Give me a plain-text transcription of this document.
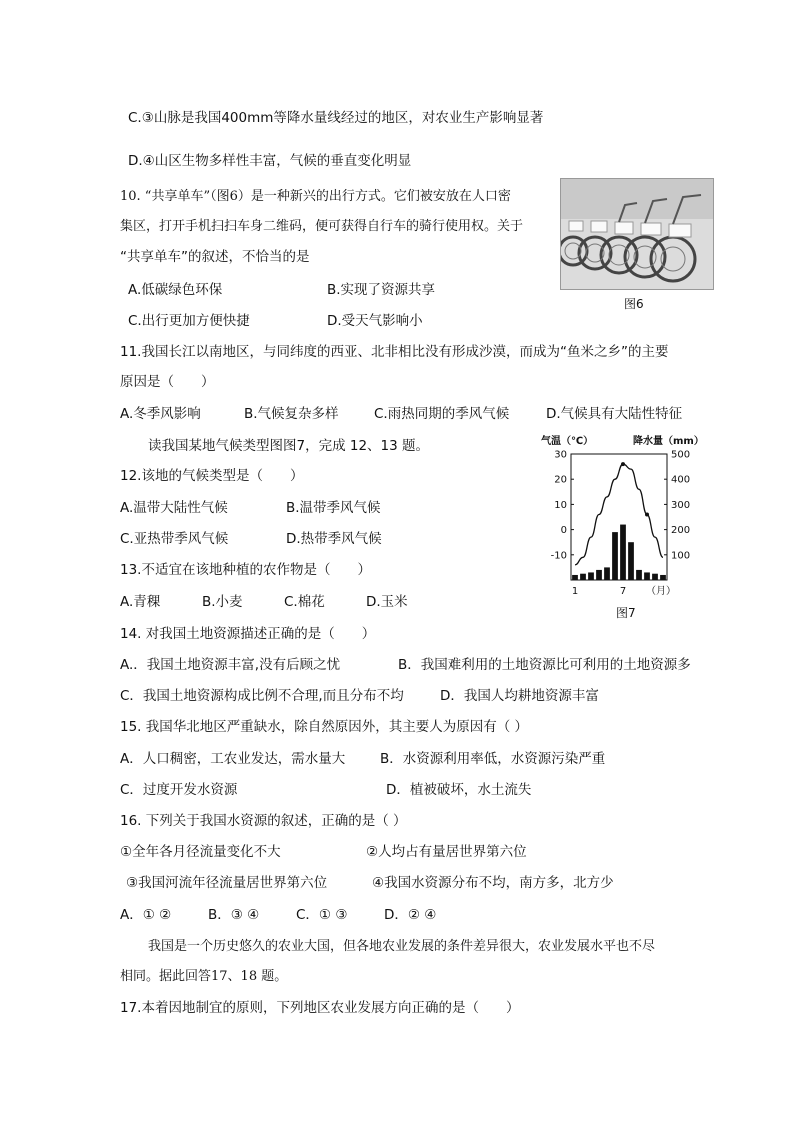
C.③山脉是我国400mm等降水量线经过的地区，对农业生产影响显著
D.④山区生物多样性丰富，气候的垂直变化明显
10. “共享单车”（图6）是一种新兴的出行方式。它们被安放在人口密
集区，打开手机扫扫车身二维码，便可获得自行车的骑行使用权。关于
“共享单车”的叙述，不恰当的是
A.低碳绿色环保	B.实现了资源共享
C.出行更加方便快捷	D.受天气影响小
图6
11.我国长江以南地区，与同纬度的西亚、北非相比没有形成沙漠，而成为“鱼米之乡”的主要
原因是（　　）
A.冬季风影响	B.气候复杂多样	C.雨热同期的季风气候	D.气候具有大陆性特征
读我国某地气候类型图图7，完成 12、13 题。
12.该地的气候类型是（　　）
A.温带大陆性气候	B.温带季风气候
C.亚热带季风气候	D.热带季风气候
13.不适宜在该地种植的农作物是（　　）
A.青稞	B.小麦	C.棉花	D.玉米
气温（℃）	降水量（mm）
30
20
10
0
-10
500
400
300
200
100
1	7 （月）
图7
14. 对我国土地资源描述正确的是（　　）
A.．我国土地资源丰富,没有后顾之忧	B．我国难利用的土地资源比可利用的土地资源多
C．我国土地资源构成比例不合理,而且分布不均	D．我国人均耕地资源丰富
15. 我国华北地区严重缺水，除自然原因外，其主要人为原因有（ ）
A．人口稠密，工农业发达，需水量大	B．水资源利用率低，水资源污染严重
C．过度开发水资源	D．植被破坏，水土流失
16. 下列关于我国水资源的叙述，正确的是（ ）
①全年各月径流量变化不大	②人均占有量居世界第六位
③我国河流年径流量居世界第六位	④我国水资源分布不均，南方多，北方少
A．① ②	B．③ ④	C．① ③	D．② ④
我国是一个历史悠久的农业大国，但各地农业发展的条件差异很大，农业发展水平也不尽
相同。据此回答17、18 题。
17.本着因地制宜的原则，下列地区农业发展方向正确的是（　　）
